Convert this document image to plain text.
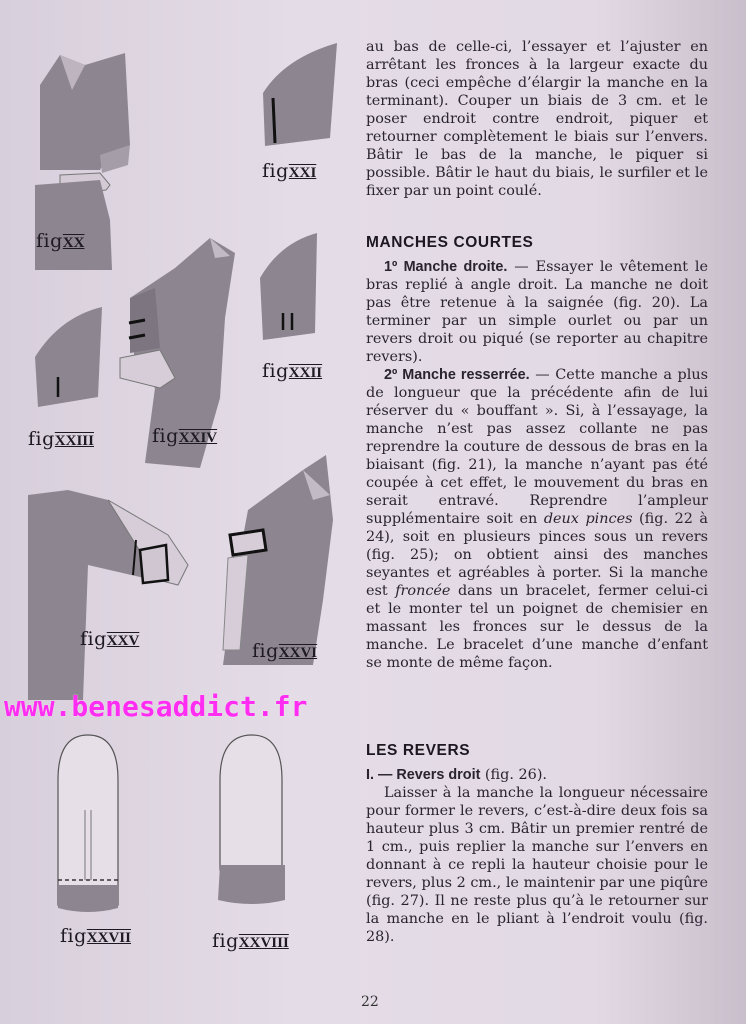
figXX
figXXI
figXXIV
figXXII
figXXIII
figXXV	figXXVI
www.benesaddict.fr
figXXVII	figXXVIII

au bas de celle-ci, l’essayer et l’ajuster en arrêtant les fronces à la largeur exacte du bras (ceci empêche d’élargir la manche en la terminant). Couper un biais de 3 cm. et le poser endroit contre endroit, piquer et retourner complètement le biais sur l’envers. Bâtir le bas de la manche, le piquer si possible. Bâtir le haut du biais, le surfiler et le fixer par un point coulé.

MANCHES COURTES

1º Manche droite. — Essayer le vêtement le bras replié à angle droit. La manche ne doit pas être retenue à la saignée (fig. 20). La terminer par un simple ourlet ou par un revers droit ou piqué (se reporter au chapitre revers).

2º Manche resserrée. — Cette manche a plus de longueur que la précédente afin de lui réserver du « bouffant ». Si, à l’essayage, la manche n’est pas assez collante ne pas reprendre la couture de dessous de bras en la biaisant (fig. 21), la manche n’ayant pas été coupée à cet effet, le mouvement du bras en serait entravé. Reprendre l’ampleur supplémentaire soit en deux pinces (fig. 22 à 24), soit en plusieurs pinces sous un revers (fig. 25); on obtient ainsi des manches seyantes et agréables à porter. Si la manche est froncée dans un bracelet, fermer celui-ci et le monter tel un poignet de chemisier en massant les fronces sur le dessus de la manche. Le bracelet d’une manche d’enfant se monte de même façon.

LES REVERS

I. — Revers droit (fig. 26).

Laisser à la manche la longueur nécessaire pour former le revers, c’est-à-dire deux fois sa hauteur plus 3 cm. Bâtir un premier rentré de 1 cm., puis replier la manche sur l’envers en donnant à ce repli la hauteur choisie pour le revers, plus 2 cm., le maintenir par une piqûre (fig. 27). Il ne reste plus qu’à le retourner sur la manche en le pliant à l’endroit voulu (fig. 28).

22
